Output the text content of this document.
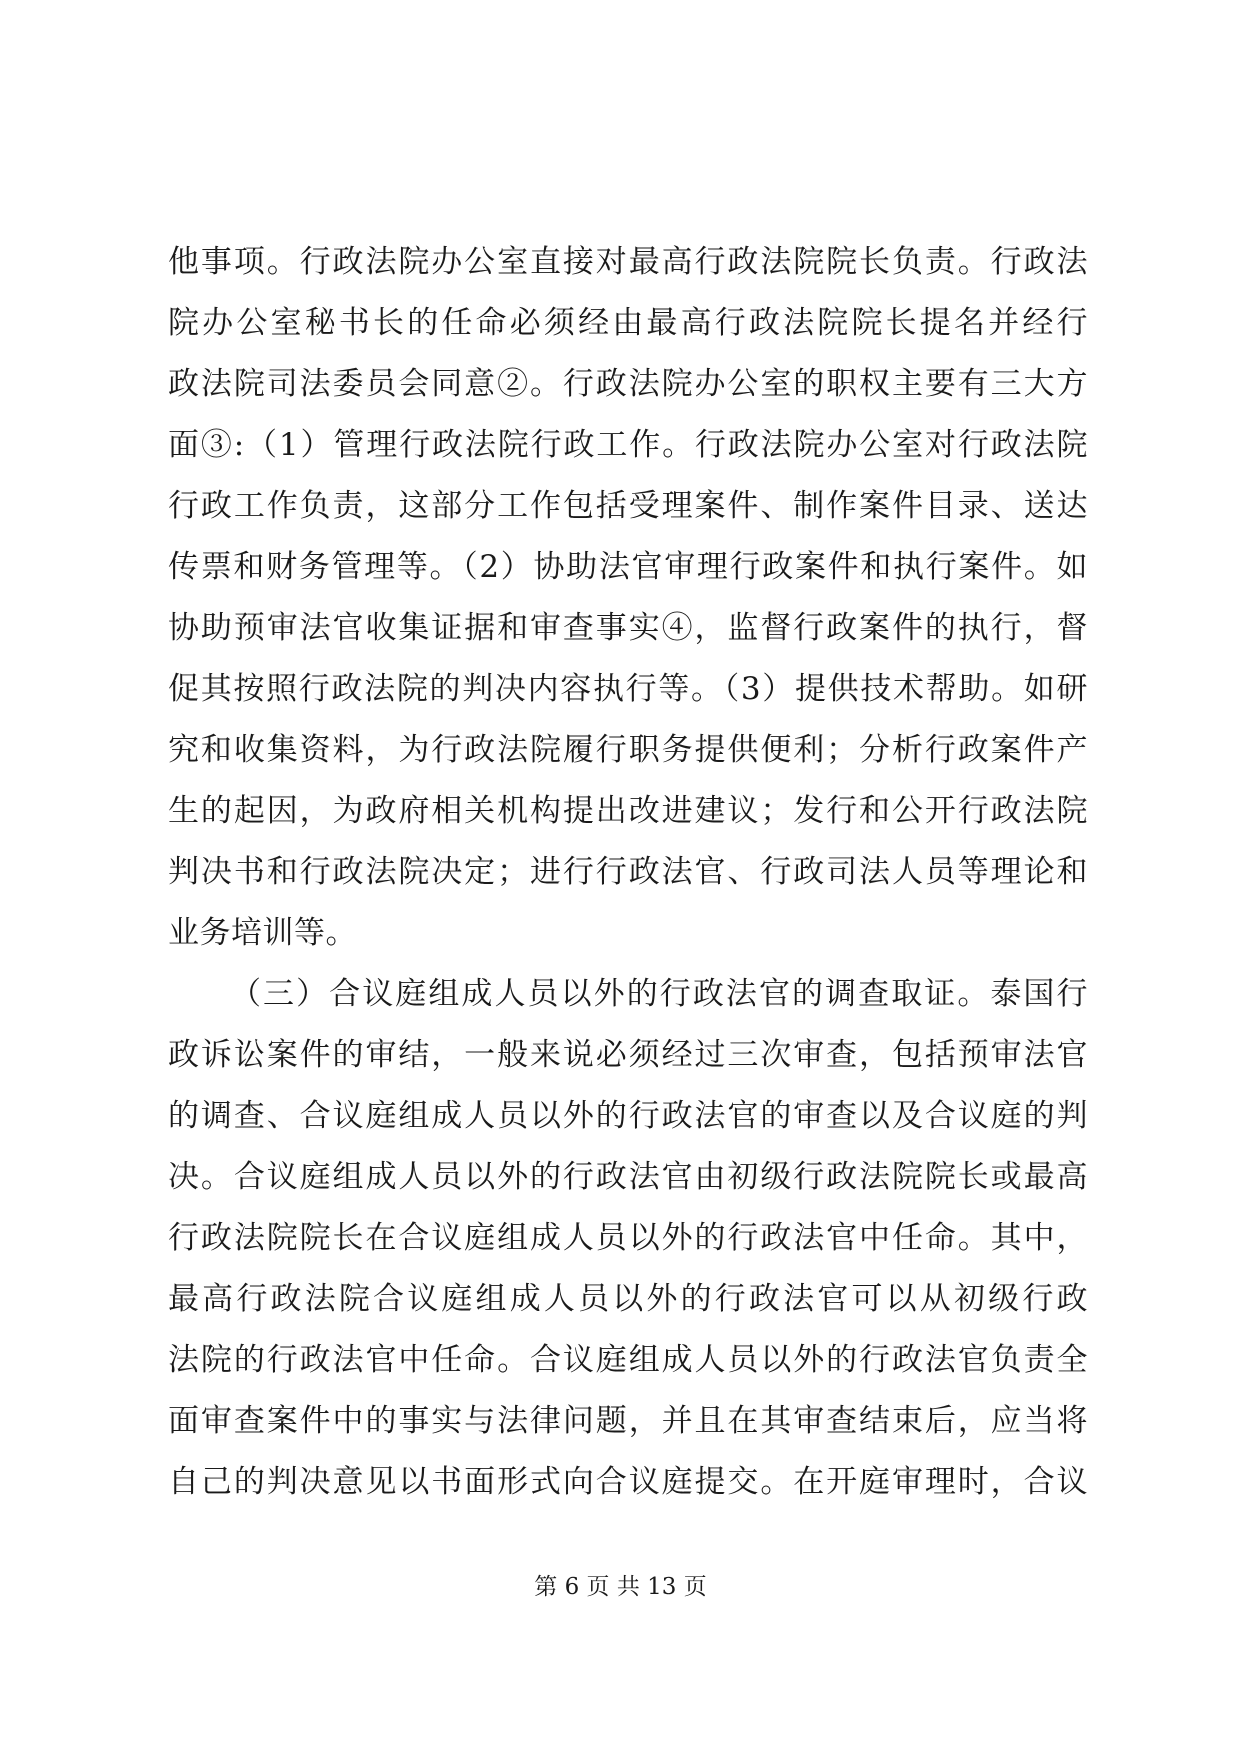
他事项。行政法院办公室直接对最高行政法院院长负责。行政法
院办公室秘书长的任命必须经由最高行政法院院长提名并经行
政法院司法委员会同意②。行政法院办公室的职权主要有三大方
面③:（1）管理行政法院行政工作。行政法院办公室对行政法院
行政工作负责，这部分工作包括受理案件、制作案件目录、送达
传票和财务管理等。（2）协助法官审理行政案件和执行案件。如
协助预审法官收集证据和审查事实④，监督行政案件的执行，督
促其按照行政法院的判决内容执行等。（3）提供技术帮助。如研
究和收集资料，为行政法院履行职务提供便利；分析行政案件产
生的起因，为政府相关机构提出改进建议；发行和公开行政法院
判决书和行政法院决定；进行行政法官、行政司法人员等理论和
业务培训等。
（三）合议庭组成人员以外的行政法官的调查取证。泰国行
政诉讼案件的审结，一般来说必须经过三次审查，包括预审法官
的调查、合议庭组成人员以外的行政法官的审查以及合议庭的判
决。合议庭组成人员以外的行政法官由初级行政法院院长或最高
行政法院院长在合议庭组成人员以外的行政法官中任命。其中，
最高行政法院合议庭组成人员以外的行政法官可以从初级行政
法院的行政法官中任命。合议庭组成人员以外的行政法官负责全
面审查案件中的事实与法律问题，并且在其审查结束后，应当将
自己的判决意见以书面形式向合议庭提交。在开庭审理时，合议
第 6 页 共 13 页
